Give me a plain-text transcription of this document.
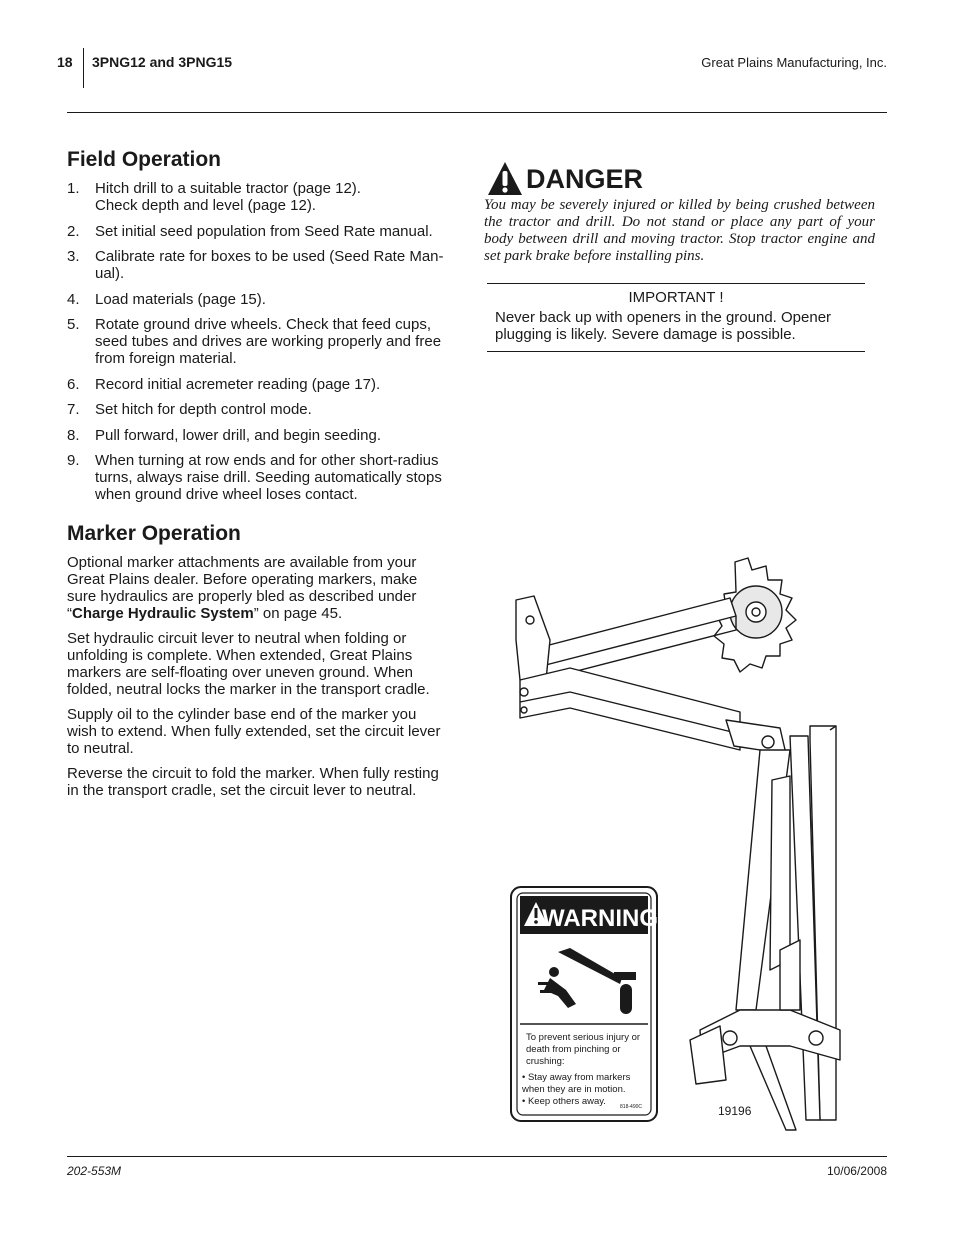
18 3PNG12 and 3PNG15	Great Plains Manufacturing, Inc.
Field Operation
1.	Hitch drill to a suitable tractor (page 12).
Check depth and level (page 12).
2.	Set initial seed population from Seed Rate manual.
3.	Calibrate rate for boxes to be used (Seed Rate Man-
ual).
4.	Load materials (page 15).
5.	Rotate ground drive wheels. Check that feed cups,
seed tubes and drives are working properly and free
from foreign material.
6.	Record initial acremeter reading (page 17).
7.	Set hitch for depth control mode.
8.	Pull forward, lower drill, and begin seeding.
9.	When turning at row ends and for other short-radius
turns, always raise drill. Seeding automatically stops
when ground drive wheel loses contact.
Marker Operation

Optional marker attachments are available from your
Great Plains dealer. Before operating markers, make
sure hydraulics are properly bled as described under
“Charge Hydraulic System” on page 45.

Set hydraulic circuit lever to neutral when folding or
unfolding is complete. When extended, Great Plains
markers are self-floating over uneven ground. When
folded, neutral locks the marker in the transport cradle.

Supply oil to the cylinder base end of the marker you
wish to extend. When fully extended, set the circuit lever
to neutral.

Reverse the circuit to fold the marker. When fully resting
in the transport cradle, set the circuit lever to neutral.

DANGER
You may be severely injured or killed by being crushed between the tractor and drill. Do not stand or place any part of your body between drill and moving tractor. Stop tractor engine and set park brake before installing pins.
IMPORTANT !
Never back up with openers in the ground. Opener
plugging is likely. Severe damage is possible.
WARNING
To prevent serious injury or
death from pinching or
crushing:
• Stay away from markers
when they are in motion.
• Keep others away.	818-490C	19196
202-553M	10/06/2008
